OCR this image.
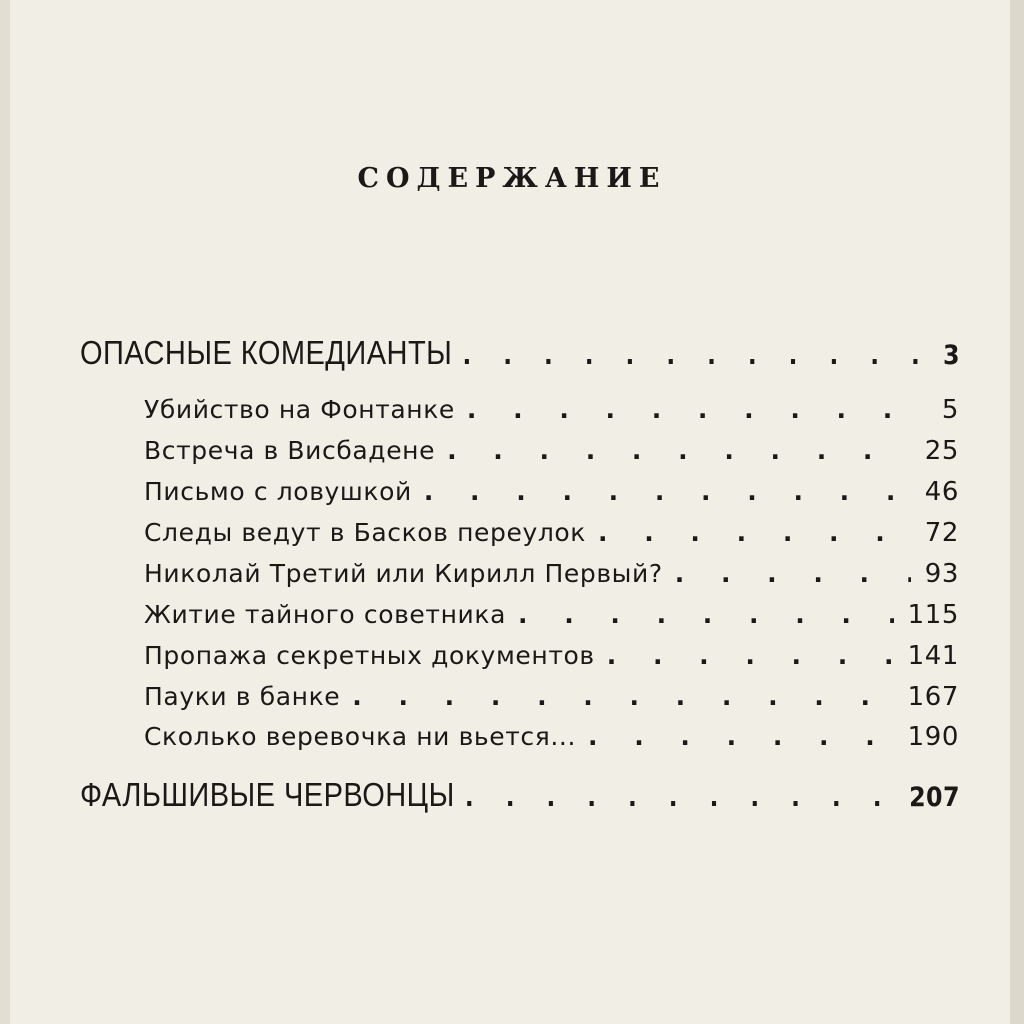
СОДЕРЖАНИЕ
ОПАСНЫЕ КОМЕДИАНТЫ . . .	3
Убийство на Фонтанке . . .	5
Встреча в Висбадене . . .	25
Письмо с ловушкой . . .	46
Следы ведут в Басков переулок . . .	72
Николай Третий или Кирилл Первый? . . .	93
Житие тайного советника . . .	115
Пропажа секретных документов . . .	141
Пауки в банке . . .	167
Сколько веревочка ни вьется... . . .	190
ФАЛЬШИВЫЕ ЧЕРВОНЦЫ . . .	207
